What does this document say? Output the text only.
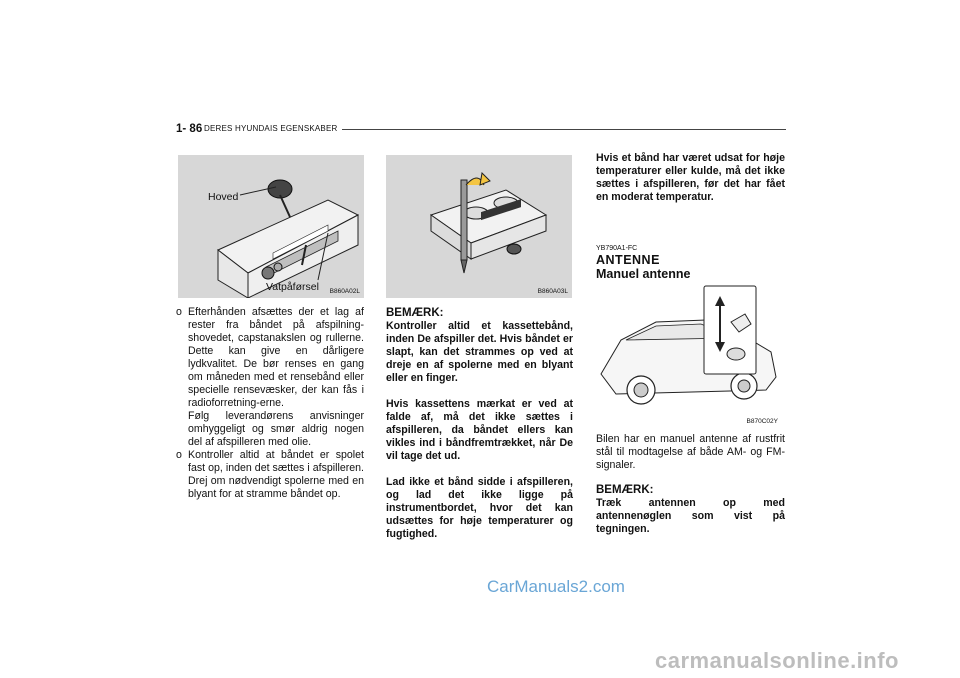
1- 86 DERES HYUNDAIS EGENSKABER
Hoved
Vatpåførsel B860A02L	B860A03L
B870C02Y
o Efterhånden afsættes der et lag af rester fra båndet på afspilning- shovedet, capstanakslen og rullerne. Dette kan give en dårligere lydkvalitet. De bør renses en gang om måneden med et rensebånd eller specielle rensevæsker, der kan fås i radioforretning-erne.
Følg leverandørens anvisninger omhyggeligt og smør aldrig nogen del af afspilleren med olie.
o Kontroller altid at båndet er spolet fast op, inden det sættes i afspilleren. Drej om nødvendigt spolerne med en blyant for at stramme båndet op.

BEMÆRK:

Kontroller altid et kassettebånd, inden De afspiller det. Hvis båndet er slapt, kan det strammes op ved at dreje en af spolerne med en blyant eller en finger.

Hvis kassettens mærkat er ved at falde af, må det ikke sættes i afspilleren, da båndet ellers kan vikles ind i båndfremtrækket, når De vil tage det ud.

Lad ikke et bånd sidde i afspilleren, og lad det ikke ligge på instrumentbordet, hvor det kan udsættes for høje temperaturer og fugtighed.

Hvis et bånd har været udsat for høje temperaturer eller kulde, må det ikke sættes i afspilleren, før det har fået en moderat temperatur.

YB790A1-FC

ANTENNE

Manuel antenne

Bilen har en manuel antenne af rustfrit stål til modtagelse af både AM- og FM-signaler.

BEMÆRK:

Træk antennen op med antennenøglen som vist på tegningen.

CarManuals2.com
carmanualsonline.info
